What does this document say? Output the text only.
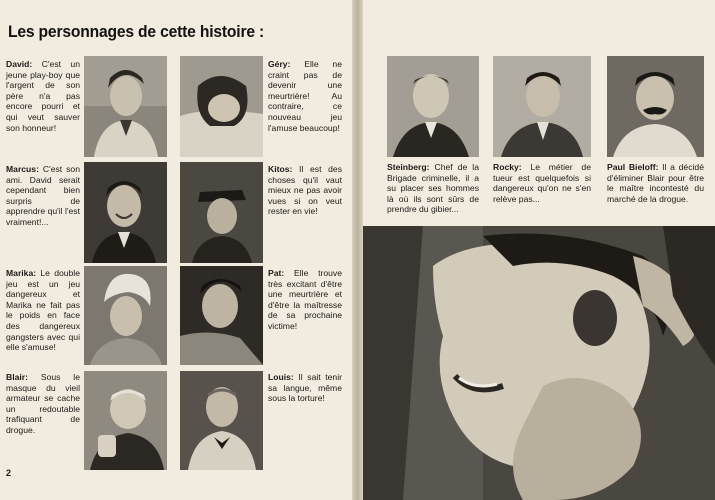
Les personnages de cette histoire :
David: C'est un jeune play-boy que l'argent de son père n'a pas encore pourri et qui veut sauver son honneur!
Géry: Elle ne craint pas de devenir une meurtrière! Au contraire, ce nouveau jeu l'amuse beaucoup!
Marcus: C'est son ami. David serait cependant bien surpris de apprendre qu'il l'est vraiment!...
Kitos: Il est des choses qu'il vaut mieux ne pas avoir vues si on veut rester en vie!
Marika: Le double jeu est un jeu dangereux et Marika ne fait pas le poids en face des dangereux gangsters avec qui elle s'amuse!
Pat: Elle trouve très excitant d'être une meurtrière et d'être la maîtresse de sa prochaine victime!
Blair: Sous le masque du vieil armateur se cache un redoutable trafiquant de drogue.
Louis: Il sait tenir sa langue, même sous la torture!
Steinberg: Chef de la Brigade criminelle, il a su placer ses hommes là où ils sont sûrs de prendre du gibier...
Rocky: Le métier de tueur est quelquefois si dangereux qu'on ne s'en relève pas...
Paul Bieloff: Il a décidé d'éliminer Blair pour être le maître incontesté du marché de la drogue.
2
